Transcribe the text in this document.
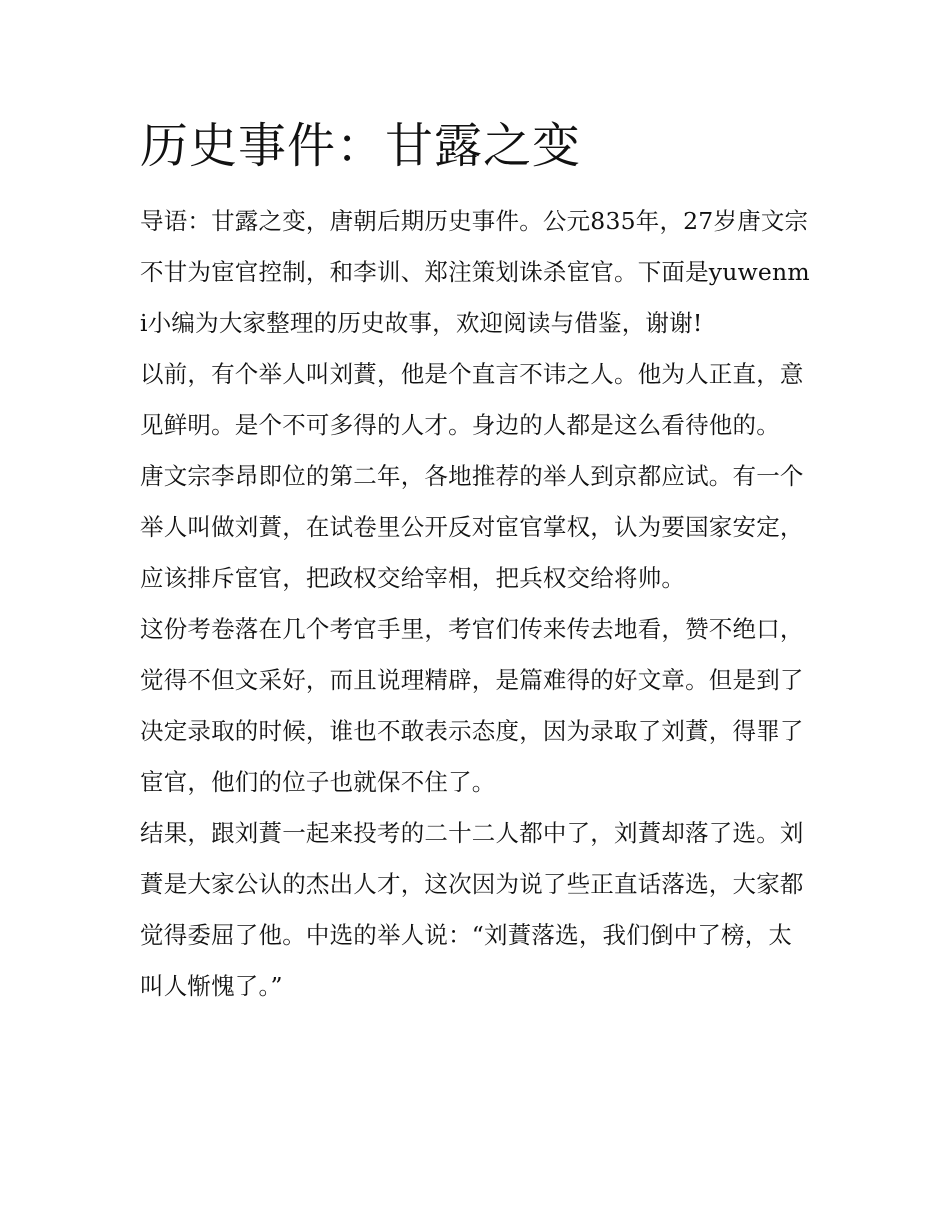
历史事件：甘露之变

导语：甘露之变，唐朝后期历史事件。公元835年，27岁唐文宗不甘为宦官控制，和李训、郑注策划诛杀宦官。下面是yuwenmi小编为大家整理的历史故事，欢迎阅读与借鉴，谢谢!

以前，有个举人叫刘蕡，他是个直言不讳之人。他为人正直，意见鲜明。是个不可多得的人才。身边的人都是这么看待他的。

唐文宗李昂即位的第二年，各地推荐的举人到京都应试。有一个举人叫做刘蕡，在试卷里公开反对宦官掌权，认为要国家安定，应该排斥宦官，把政权交给宰相，把兵权交给将帅。

这份考卷落在几个考官手里，考官们传来传去地看，赞不绝口，觉得不但文采好，而且说理精辟，是篇难得的好文章。但是到了决定录取的时候，谁也不敢表示态度，因为录取了刘蕡，得罪了宦官，他们的位子也就保不住了。

结果，跟刘蕡一起来投考的二十二人都中了，刘蕡却落了选。刘蕡是大家公认的杰出人才，这次因为说了些正直话落选，大家都觉得委屈了他。中选的举人说：“刘蕡落选，我们倒中了榜，太叫人惭愧了。”
